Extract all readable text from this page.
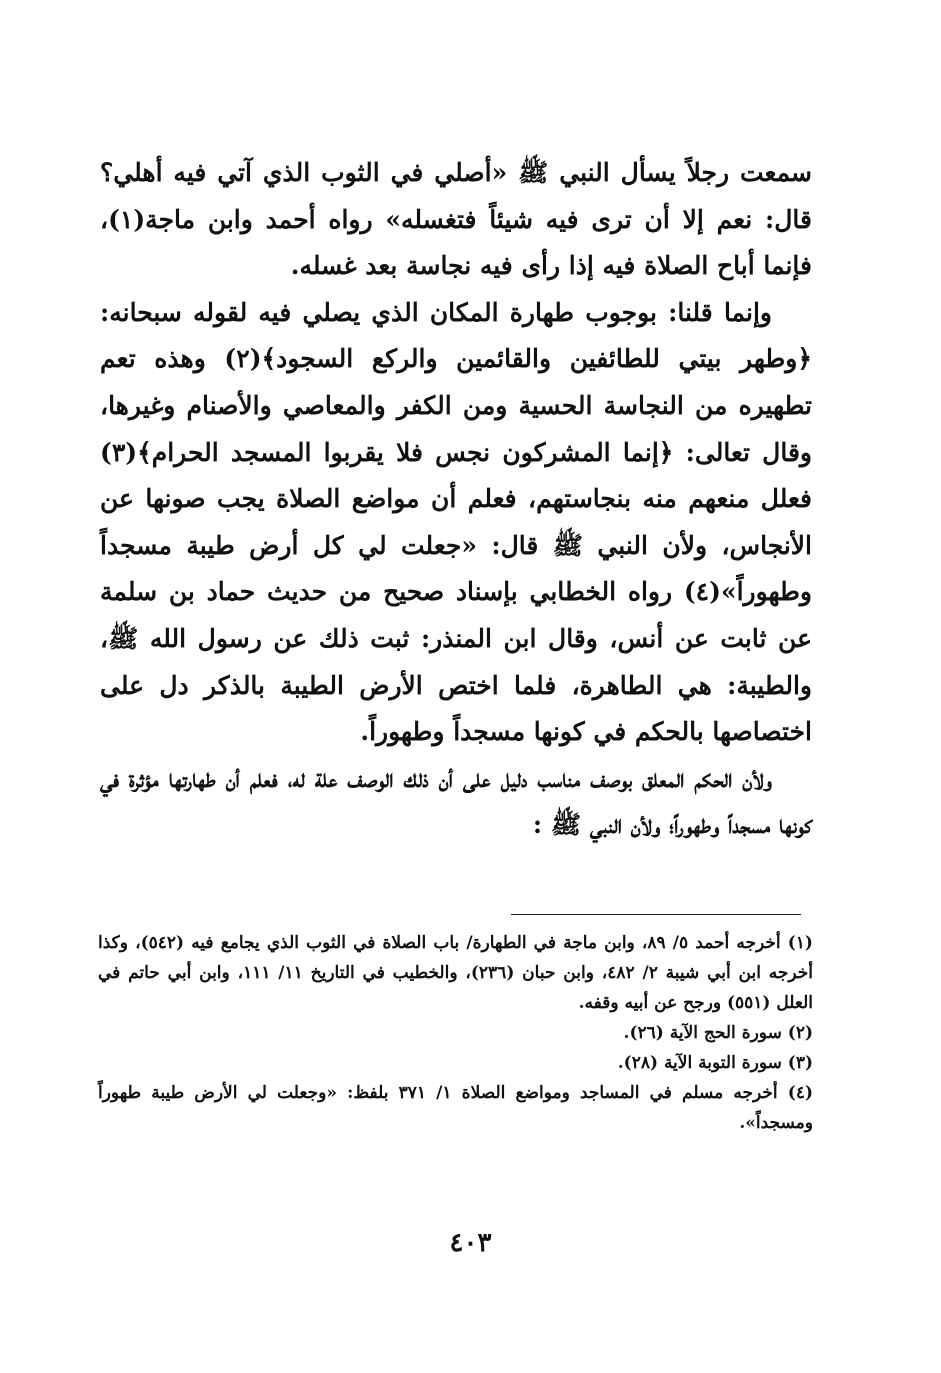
سمعت رجلاً يسأل النبي ﷺ «أصلي في الثوب الذي آتي فيه أهلي؟ قال: نعم إلا أن ترى فيه شيئاً فتغسله» رواه أحمد وابن ماجة(١)، فإنما أباح الصلاة فيه إذا رأى فيه نجاسة بعد غسله.

وإنما قلنا: بوجوب طهارة المكان الذي يصلي فيه لقوله سبحانه: ﴿وطهر بيتي للطائفين والقائمين والركع السجود﴾(٢) وهذه تعم تطهيره من النجاسة الحسية ومن الكفر والمعاصي والأصنام وغيرها، وقال تعالى: ﴿إنما المشركون نجس فلا يقربوا المسجد الحرام﴾(٣) فعلل منعهم منه بنجاستهم، فعلم أن مواضع الصلاة يجب صونها عن الأنجاس، ولأن النبي ﷺ قال: «جعلت لي كل أرض طيبة مسجداً وطهوراً»(٤) رواه الخطابي بإسناد صحيح من حديث حماد بن سلمة عن ثابت عن أنس، وقال ابن المنذر: ثبت ذلك عن رسول الله ﷺ، والطيبة: هي الطاهرة، فلما اختص الأرض الطيبة بالذكر دل على اختصاصها بالحكم في كونها مسجداً وطهوراً.

ولأن الحكم المعلق بوصف مناسب دليل على أن ذلك الوصف علة له، فعلم أن طهارتها مؤثرة في كونها مسجداً وطهوراً؛ ولأن النبي ﷺ :

(١) أخرجه أحمد ٥/ ٨٩، وابن ماجة في الطهارة/ باب الصلاة في الثوب الذي يجامع فيه (٥٤٢)، وكذا أخرجه ابن أبي شيبة ٢/ ٤٨٢، وابن حبان (٢٣٦)، والخطيب في التاريخ ١١/ ١١١، وابن أبي حاتم في العلل (٥٥١) ورجح عن أبيه وقفه.

(٢) سورة الحج الآية (٢٦).

(٣) سورة التوبة الآية (٢٨).

(٤) أخرجه مسلم في المساجد ومواضع الصلاة ١/ ٣٧١ بلفظ: «وجعلت لي الأرض طيبة طهوراً ومسجداً».

٤٠٣
